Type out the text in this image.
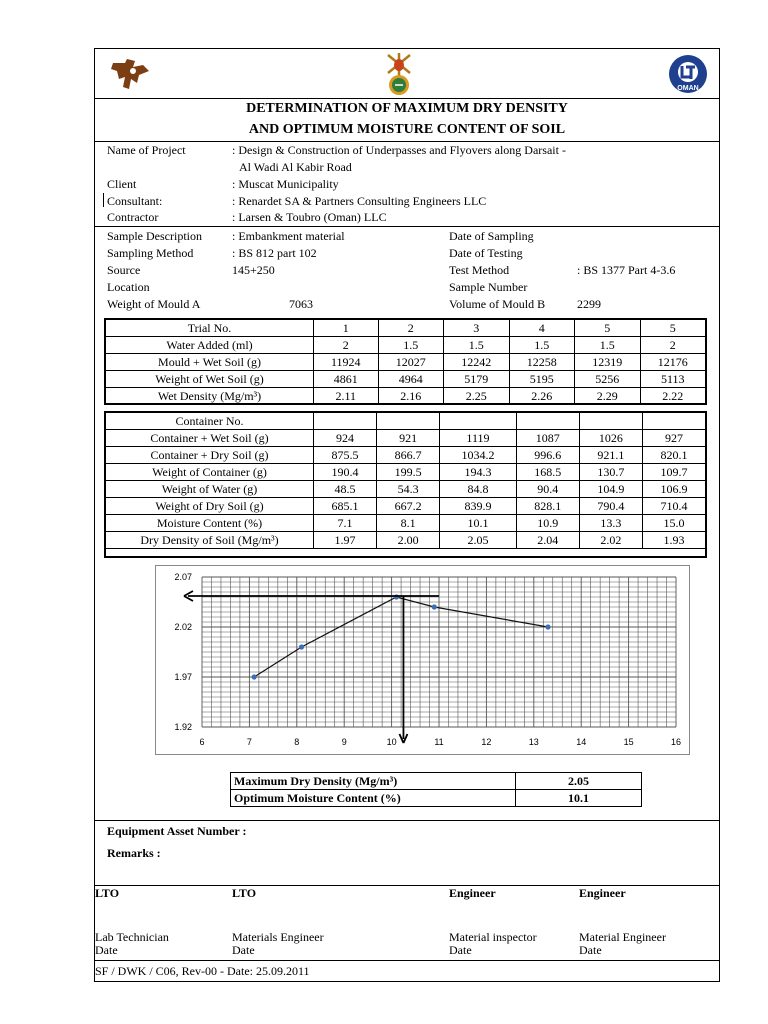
OMAN
DETERMINATION OF MAXIMUM DRY DENSITY
AND OPTIMUM MOISTURE CONTENT OF SOIL
Name of Project	: Design & Construction of Underpasses and Flyovers along Darsait -
Al Wadi Al Kabir Road
Client	: Muscat Municipality
Consultant:	: Renardet SA & Partners Consulting Engineers LLC
Contractor	: Larsen & Toubro (Oman) LLC
Sample Description	: Embankment material	Date of Sampling
Sampling Method	: BS 812 part 102	Date of Testing
Source	145+250	Test Method	: BS 1377 Part 4-3.6
Location	Sample Number
Weight of Mould A	7063	Volume of Mould B	2299
Trial No.	1	2	3	4	5	5
Water Added (ml)	2	1.5	1.5	1.5	1.5	2
Mould + Wet Soil (g)	11924	12027	12242	12258	12319	12176
Weight of Wet Soil (g)	4861	4964	5179	5195	5256	5113
Wet Density (Mg/m³)	2.11	2.16	2.25	2.26	2.29	2.22
Container No.						
Container + Wet Soil (g)	924	921	1119	1087	1026	927
Container + Dry Soil (g)	875.5	866.7	1034.2	996.6	921.1	820.1
Weight of Container (g)	190.4	199.5	194.3	168.5	130.7	109.7
Weight of Water (g)	48.5	54.3	84.8	90.4	104.9	106.9
Weight of Dry Soil (g)	685.1	667.2	839.9	828.1	790.4	710.4
Moisture Content (%)	7.1	8.1	10.1	10.9	13.3	15.0
Dry Density of Soil (Mg/m³)	1.97	2.00	2.05	2.04	2.02	1.93
6	7	8	9	10	11	12	13	14	15	16
2.07
2.02
1.97
1.92
Maximum Dry Density (Mg/m³)	2.05
Optimum Moisture Content (%)	10.1
Equipment Asset Number :
Remarks :
LTO	LTO	Engineer	Engineer
Lab Technician	Materials Engineer	Material inspector	Material Engineer
Date	Date	Date	Date
SF / DWK / C06, Rev-00 - Date: 25.09.2011
